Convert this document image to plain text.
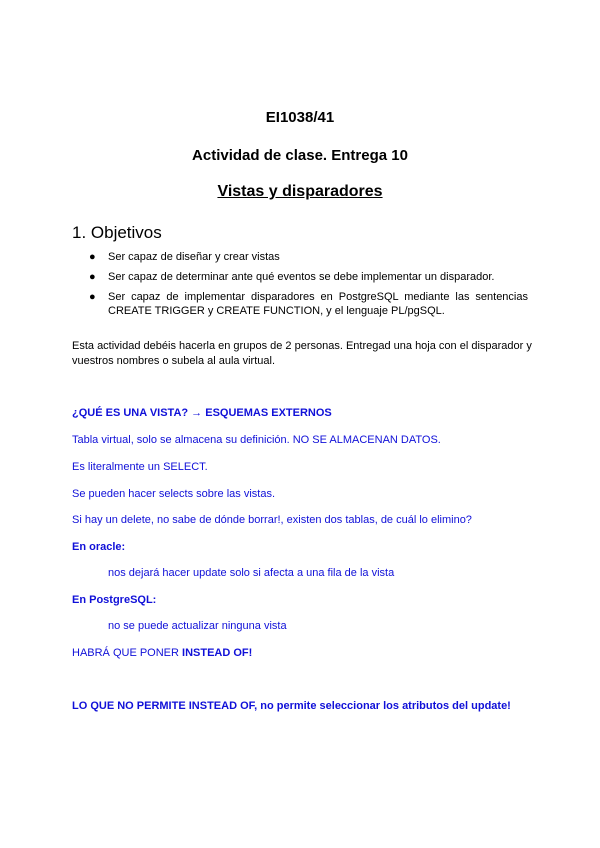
EI1038/41
Actividad de clase. Entrega 10
Vistas y disparadores
1. Objetivos
● Ser capaz de diseñar y crear vistas
● Ser capaz de determinar ante qué eventos se debe implementar un disparador.
● Ser capaz de implementar disparadores en PostgreSQL mediante las sentencias CREATE TRIGGER y CREATE FUNCTION, y el lenguaje PL/pgSQL.
Esta actividad debéis hacerla en grupos de 2 personas. Entregad una hoja con el disparador y vuestros nombres o subela al aula virtual.
¿QUÉ ES UNA VISTA? → ESQUEMAS EXTERNOS
Tabla virtual, solo se almacena su definición. NO SE ALMACENAN DATOS.
Es literalmente un SELECT.
Se pueden hacer selects sobre las vistas.
Si hay un delete, no sabe de dónde borrar!, existen dos tablas, de cuál lo elimino?
En oracle:
nos dejará hacer update solo si afecta a una fila de la vista
En PostgreSQL:
no se puede actualizar ninguna vista
HABRÁ QUE PONER INSTEAD OF!
LO QUE NO PERMITE INSTEAD OF, no permite seleccionar los atributos del update!
